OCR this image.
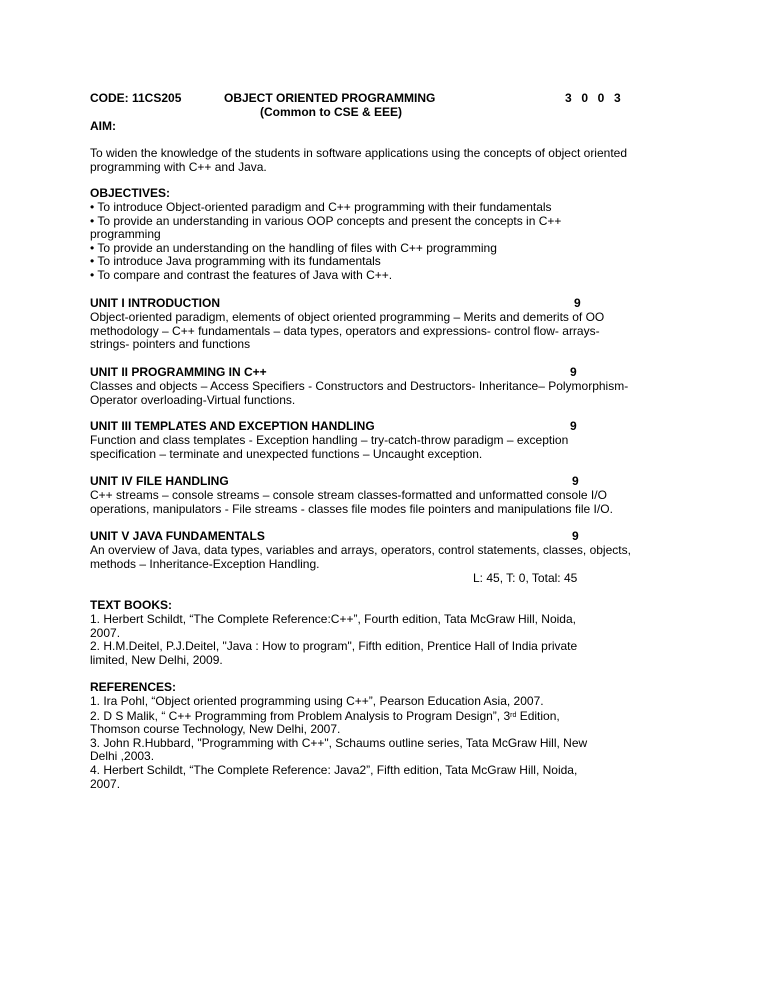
CODE: 11CS205	OBJECT ORIENTED PROGRAMMING	3  0  0  3
(Common to CSE & EEE)
AIM:
To widen the knowledge of the students in software applications using the concepts of object oriented
programming with C++ and Java.
OBJECTIVES:
• To introduce Object-oriented paradigm and C++ programming with their fundamentals
• To provide an understanding in various OOP concepts and present the concepts in C++
programming
• To provide an understanding on the handling of files with C++ programming
• To introduce Java programming with its fundamentals
• To compare and contrast the features of Java with C++.
UNIT I INTRODUCTION	9
Object-oriented paradigm, elements of object oriented programming – Merits and demerits of OO
methodology – C++ fundamentals – data types, operators and expressions- control flow- arrays-
strings- pointers and functions
UNIT II PROGRAMMING IN C++	9
Classes and objects – Access Specifiers - Constructors and Destructors- Inheritance– Polymorphism-
Operator overloading-Virtual functions.
UNIT III TEMPLATES AND EXCEPTION HANDLING	9
Function and class templates - Exception handling – try-catch-throw paradigm – exception
specification – terminate and unexpected functions – Uncaught exception.
UNIT IV FILE HANDLING	9
C++ streams – console streams – console stream classes-formatted and unformatted console I/O
operations, manipulators - File streams - classes file modes file pointers and manipulations file I/O.
UNIT V JAVA FUNDAMENTALS	9
An overview of Java, data types, variables and arrays, operators, control statements, classes, objects,
methods – Inheritance-Exception Handling.
L: 45, T: 0, Total: 45
TEXT BOOKS:
1. Herbert Schildt, “The Complete Reference:C++”, Fourth edition, Tata McGraw Hill, Noida,
2007.
2. H.M.Deitel, P.J.Deitel, "Java : How to program", Fifth edition, Prentice Hall of India private
limited, New Delhi, 2009.
REFERENCES:
1. Ira Pohl, “Object oriented programming using C++”, Pearson Education Asia, 2007.
2. D S Malik, “ C++ Programming from Problem Analysis to Program Design”, 3rd Edition,
Thomson course Technology, New Delhi, 2007.
3. John R.Hubbard, "Programming with C++", Schaums outline series, Tata McGraw Hill, New
Delhi ,2003.
4. Herbert Schildt, “The Complete Reference: Java2”, Fifth edition, Tata McGraw Hill, Noida,
2007.
